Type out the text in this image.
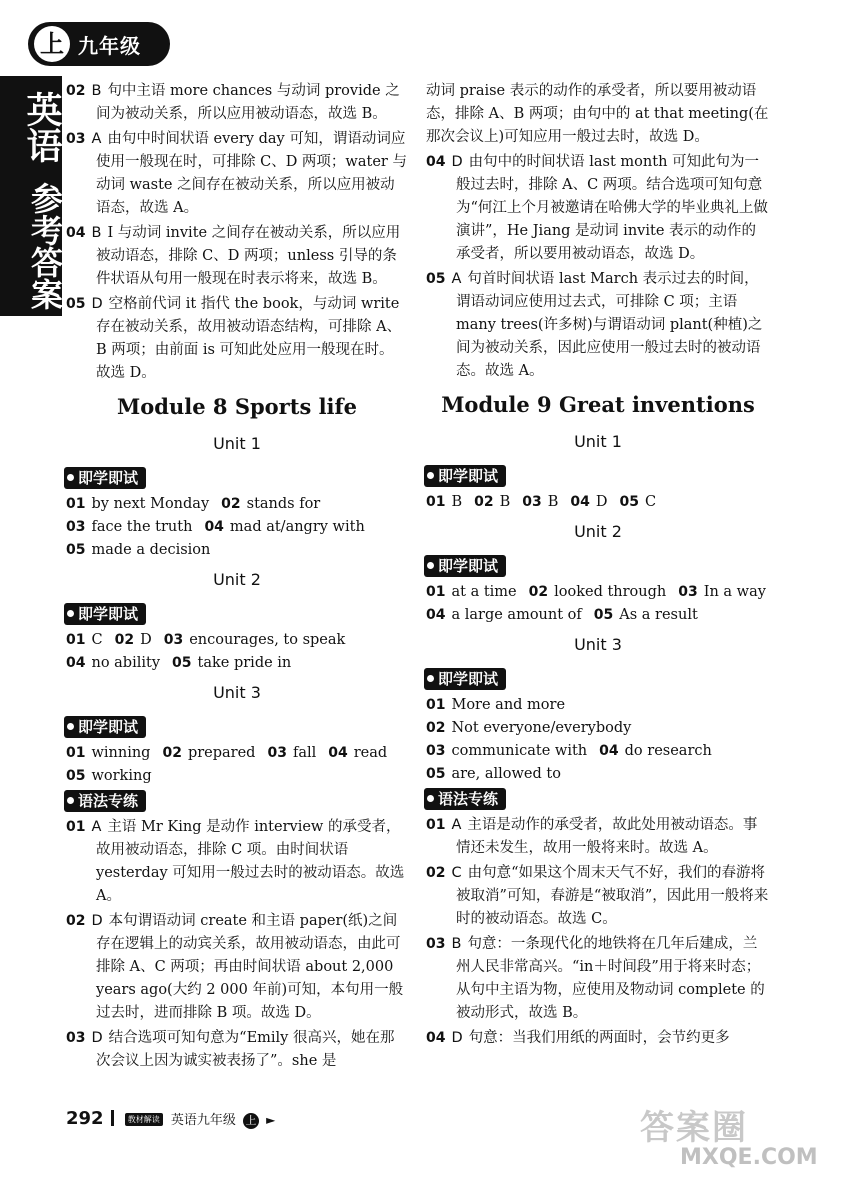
上 九年级
英语
参考答案

02 B 句中主语 more chances 与动词 provide 之间为被动关系，所以应用被动语态，故选 B。

03 A 由句中时间状语 every day 可知，谓语动词应使用一般现在时，可排除 C、D 两项；water 与动词 waste 之间存在被动关系，所以应用被动语态，故选 A。

04 B I 与动词 invite 之间存在被动关系，所以应用被动语态，排除 C、D 两项；unless 引导的条件状语从句用一般现在时表示将来，故选 B。

05 D 空格前代词 it 指代 the book，与动词 write 存在被动关系，故用被动语态结构，可排除 A、B 两项；由前面 is 可知此处应用一般现在时。故选 D。

Module 8 Sports life
Unit 1
即学即试
01 by next Monday 02 stands for
03 face the truth 04 mad at/angry with
05 made a decision
Unit 2
即学即试
01 C 02 D 03 encourages, to speak
04 no ability 05 take pride in
Unit 3
即学即试
01 winning 02 prepared 03 fall 04 read
05 working
语法专练

01 A 主语 Mr King 是动作 interview 的承受者，故用被动语态，排除 C 项。由时间状语 yesterday 可知用一般过去时的被动语态。故选 A。

02 D 本句谓语动词 create 和主语 paper(纸)之间存在逻辑上的动宾关系，故用被动语态，由此可排除 A、C 两项；再由时间状语 about 2,000 years ago(大约 2 000 年前)可知，本句用一般过去时，进而排除 B 项。故选 D。

03 D 结合选项可知句意为“Emily 很高兴，她在那次会议上因为诚实被表扬了”。she 是

动词 praise 表示的动作的承受者，所以要用被动语态，排除 A、B 两项；由句中的 at that meeting(在那次会议上)可知应用一般过去时，故选 D。

04 D 由句中的时间状语 last month 可知此句为一般过去时，排除 A、C 两项。结合选项可知句意为“何江上个月被邀请在哈佛大学的毕业典礼上做演讲”，He Jiang 是动词 invite 表示的动作的承受者，所以要用被动语态，故选 D。

05 A 句首时间状语 last March 表示过去的时间，谓语动词应使用过去式，可排除 C 项；主语 many trees(许多树)与谓语动词 plant(种植)之间为被动关系，因此应使用一般过去时的被动语态。故选 A。

Module 9 Great inventions
Unit 1
即学即试
01 B 02 B 03 B 04 D 05 C
Unit 2
即学即试
01 at a time 02 looked through 03 In a way
04 a large amount of 05 As a result
Unit 3
即学即试
01 More and more
02 Not everyone/everybody
03 communicate with 04 do research
05 are, allowed to
语法专练

01 A 主语是动作的承受者，故此处用被动语态。事情还未发生，故用一般将来时。故选 A。

02 C 由句意“如果这个周末天气不好，我们的春游将被取消”可知，春游是“被取消”，因此用一般将来时的被动语态。故选 C。

03 B 句意：一条现代化的地铁将在几年后建成，兰州人民非常高兴。“in＋时间段”用于将来时态；从句中主语为物，应使用及物动词 complete 的被动形式，故选 B。

04 D 句意：当我们用纸的两面时，会节约更多

292	教材解读 英语九年级 上 ►	答案圈
MXQE.COM
